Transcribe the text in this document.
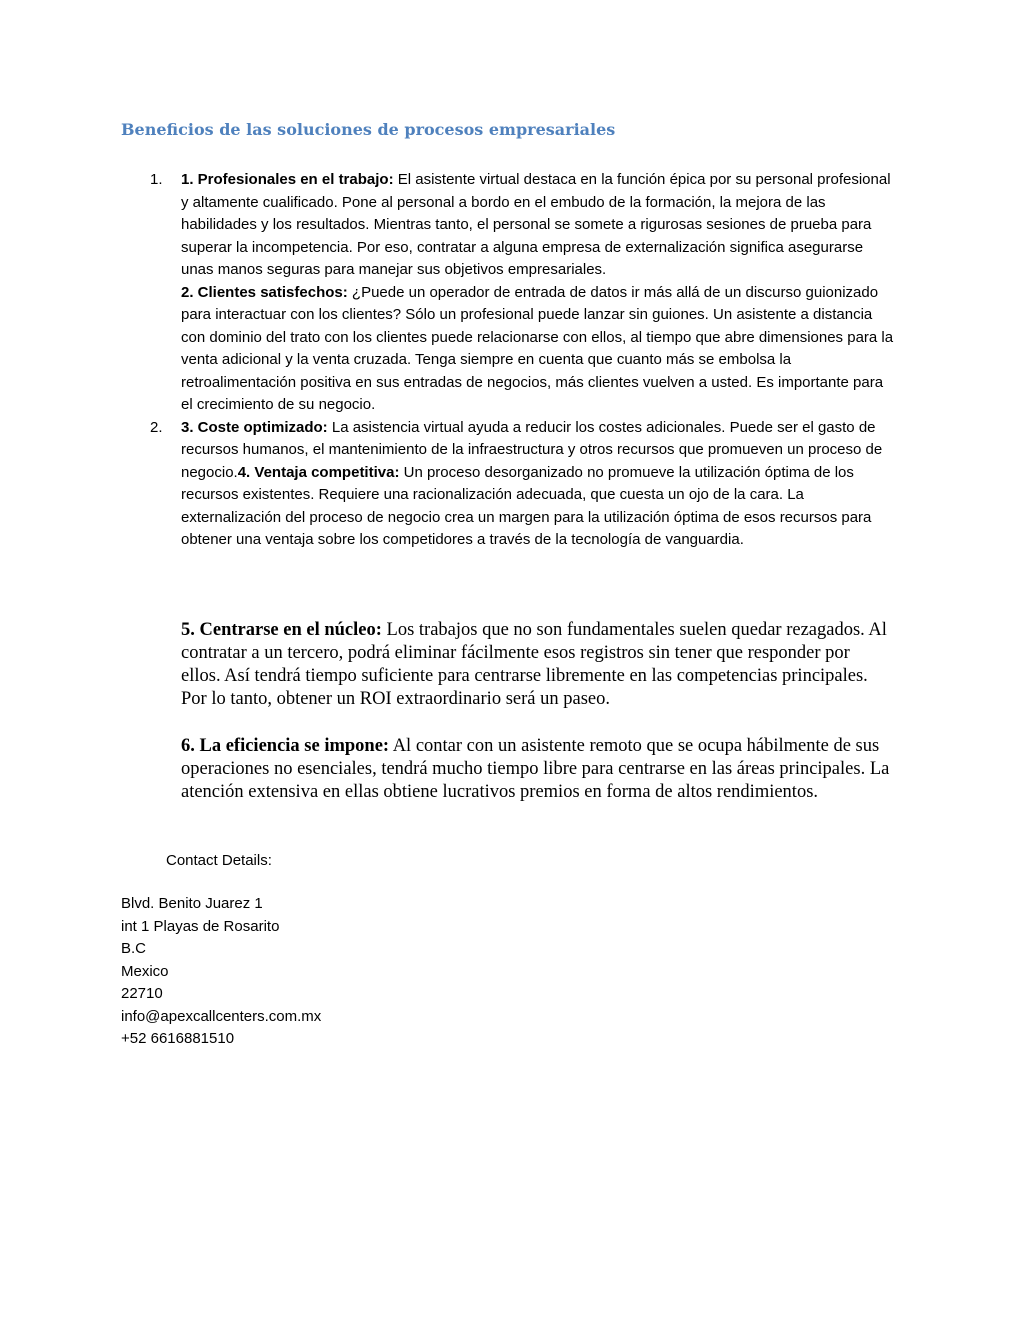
Beneficios de las soluciones de procesos empresariales
1. 1. Profesionales en el trabajo: El asistente virtual destaca en la función épica por su personal profesional y altamente cualificado. Pone al personal a bordo en el embudo de la formación, la mejora de las habilidades y los resultados. Mientras tanto, el personal se somete a rigurosas sesiones de prueba para superar la incompetencia. Por eso, contratar a alguna empresa de externalización significa asegurarse unas manos seguras para manejar sus objetivos empresariales.

2. Clientes satisfechos: ¿Puede un operador de entrada de datos ir más allá de un discurso guionizado para interactuar con los clientes? Sólo un profesional puede lanzar sin guiones. Un asistente a distancia con dominio del trato con los clientes puede relacionarse con ellos, al tiempo que abre dimensiones para la venta adicional y la venta cruzada. Tenga siempre en cuenta que cuanto más se embolsa la retroalimentación positiva en sus entradas de negocios, más clientes vuelven a usted. Es importante para el crecimiento de su negocio.

2. 3. Coste optimizado: La asistencia virtual ayuda a reducir los costes adicionales. Puede ser el gasto de recursos humanos, el mantenimiento de la infraestructura y otros recursos que promueven un proceso de negocio.4. Ventaja competitiva: Un proceso desorganizado no promueve la utilización óptima de los recursos existentes. Requiere una racionalización adecuada, que cuesta un ojo de la cara. La externalización del proceso de negocio crea un margen para la utilización óptima de esos recursos para obtener una ventaja sobre los competidores a través de la tecnología de vanguardia.

5. Centrarse en el núcleo: Los trabajos que no son fundamentales suelen quedar rezagados. Al contratar a un tercero, podrá eliminar fácilmente esos registros sin tener que responder por ellos. Así tendrá tiempo suficiente para centrarse libremente en las competencias principales. Por lo tanto, obtener un ROI extraordinario será un paseo.

6. La eficiencia se impone: Al contar con un asistente remoto que se ocupa hábilmente de sus operaciones no esenciales, tendrá mucho tiempo libre para centrarse en las áreas principales. La atención extensiva en ellas obtiene lucrativos premios en forma de altos rendimientos.

Contact Details:

Blvd. Benito Juarez 1
int 1 Playas de Rosarito
B.C
Mexico
22710
info@apexcallcenters.com.mx
+52 6616881510
